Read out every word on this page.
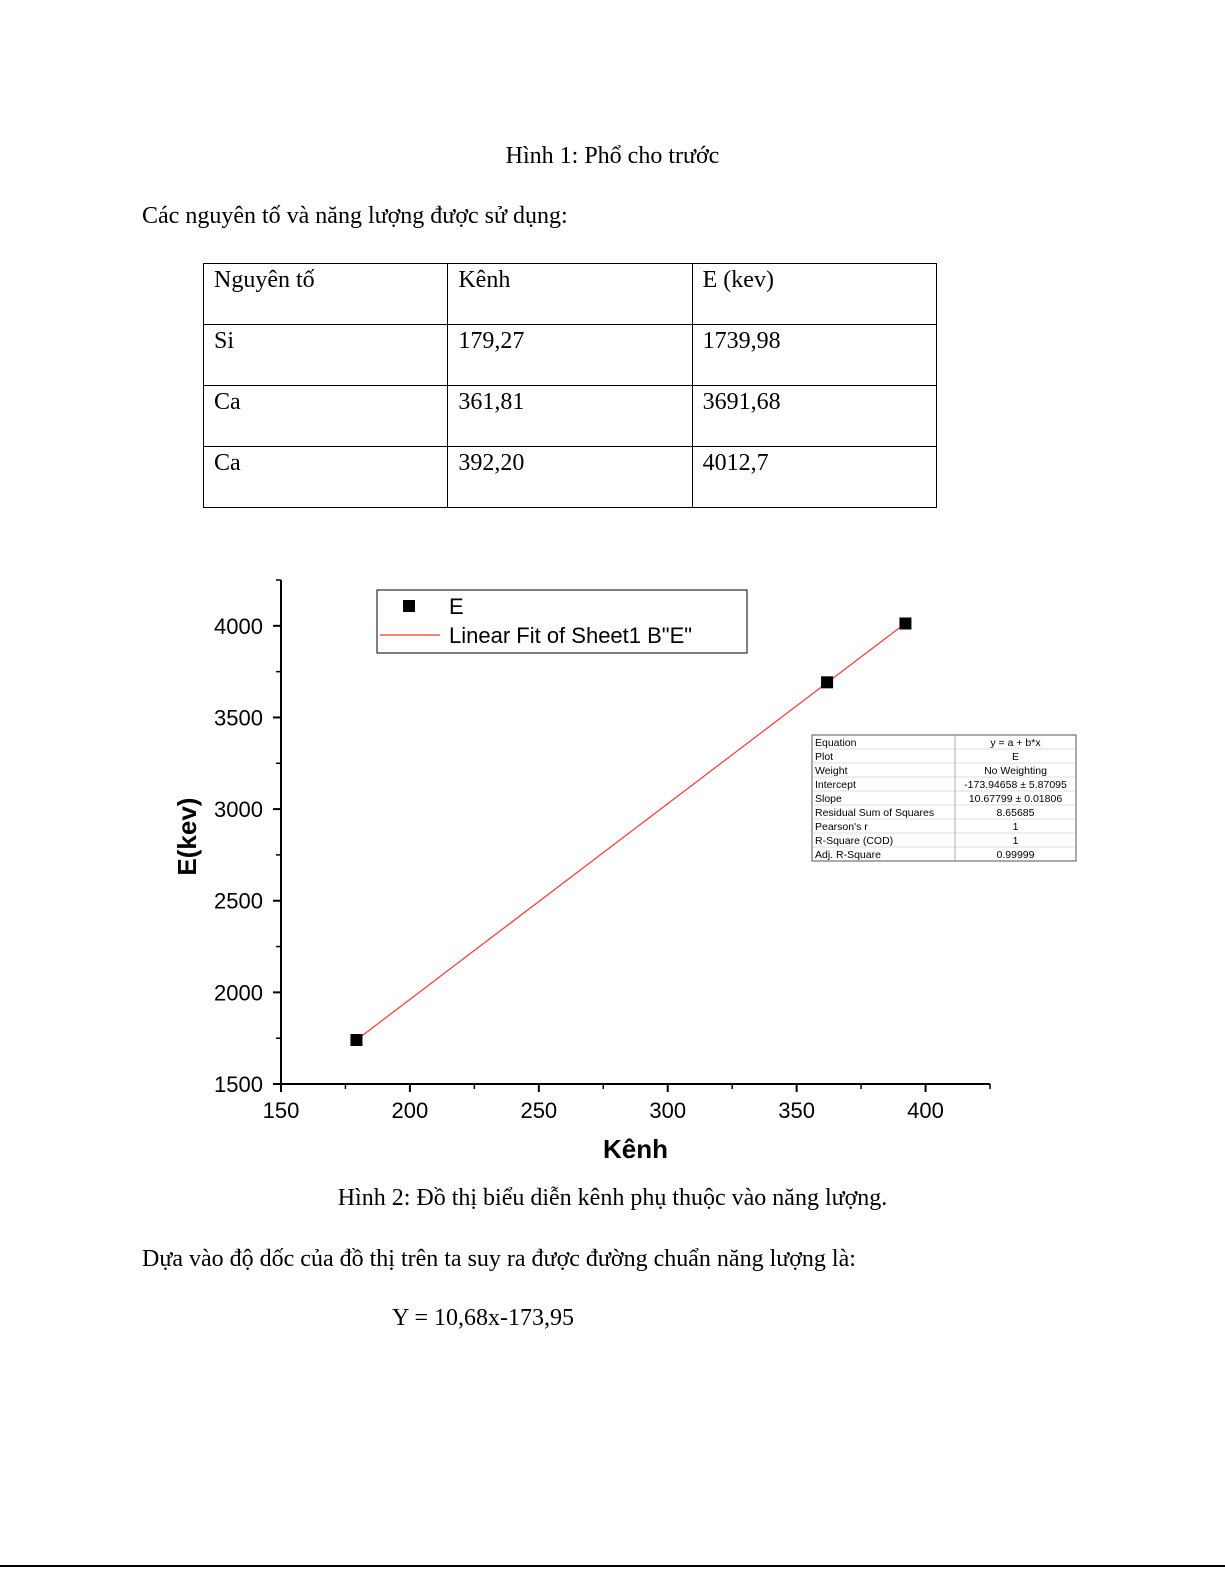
Hình 1: Phổ cho trước
Các nguyên tố và năng lượng được sử dụng:
Nguyên tố	Kênh	E (kev)
Si	179,27	1739,98
Ca	361,81	3691,68
Ca	392,20	4012,7
1500
2000
2500
3000
3500
4000
150	200	250	300	350	400
Kênh
E(kev)
E
Linear Fit of Sheet1 B"E"
Equation	y = a + b*x
Plot	E
Weight	No Weighting
Intercept	-173.94658 ± 5.87095
Slope	10.67799 ± 0.01806
Residual Sum of Squares	8.65685
Pearson's r	1
R-Square (COD)	1
Adj. R-Square	0.99999
Hình 2: Đồ thị biểu diễn kênh phụ thuộc vào năng lượng.
Dựa vào độ dốc của đồ thị trên ta suy ra được đường chuẩn năng lượng là:
Y = 10,68x-173,95
